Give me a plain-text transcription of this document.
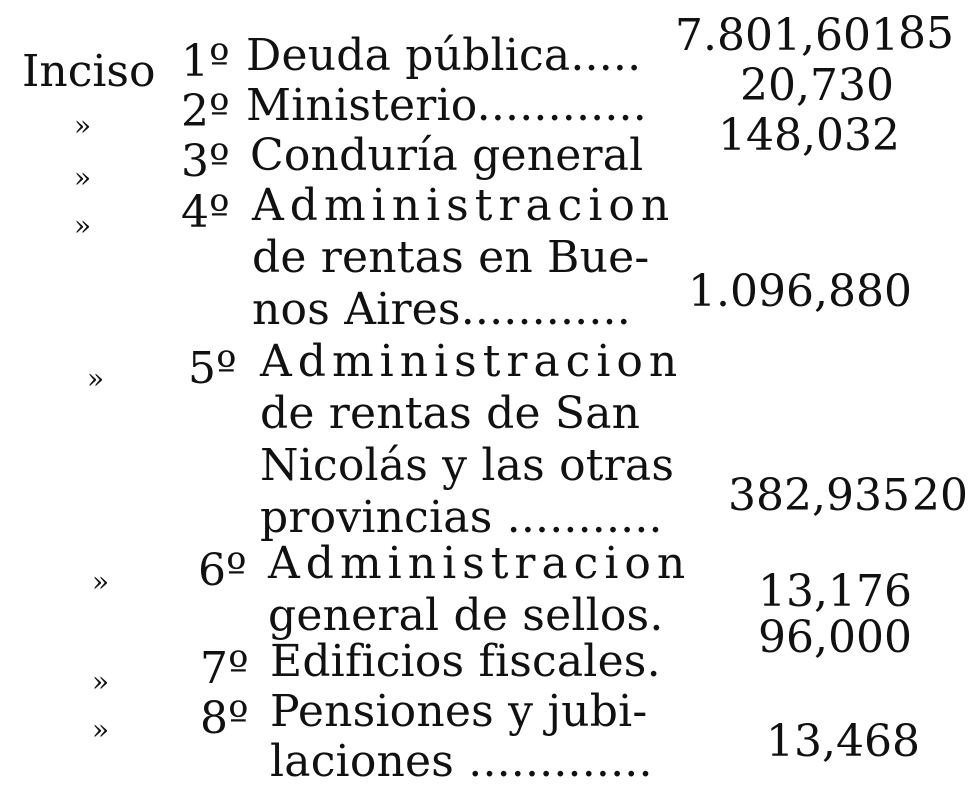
Inciso 1º Deuda pública..... 7.801,601 85
» 2º Ministerio............ 20,730
» 3º Conduría general 148,032
» 4º Administracion
de rentas en Bue-
nos Aires............ 1.096,880
» 5º Administracion
de rentas de San
Nicolás y las otras
provincias ........... 382,935 20
» 6º Administracion
general de sellos. 13,176
» 7º Edificios fiscales. 96,000
» 8º Pensiones y jubi-
laciones .............	13,468
